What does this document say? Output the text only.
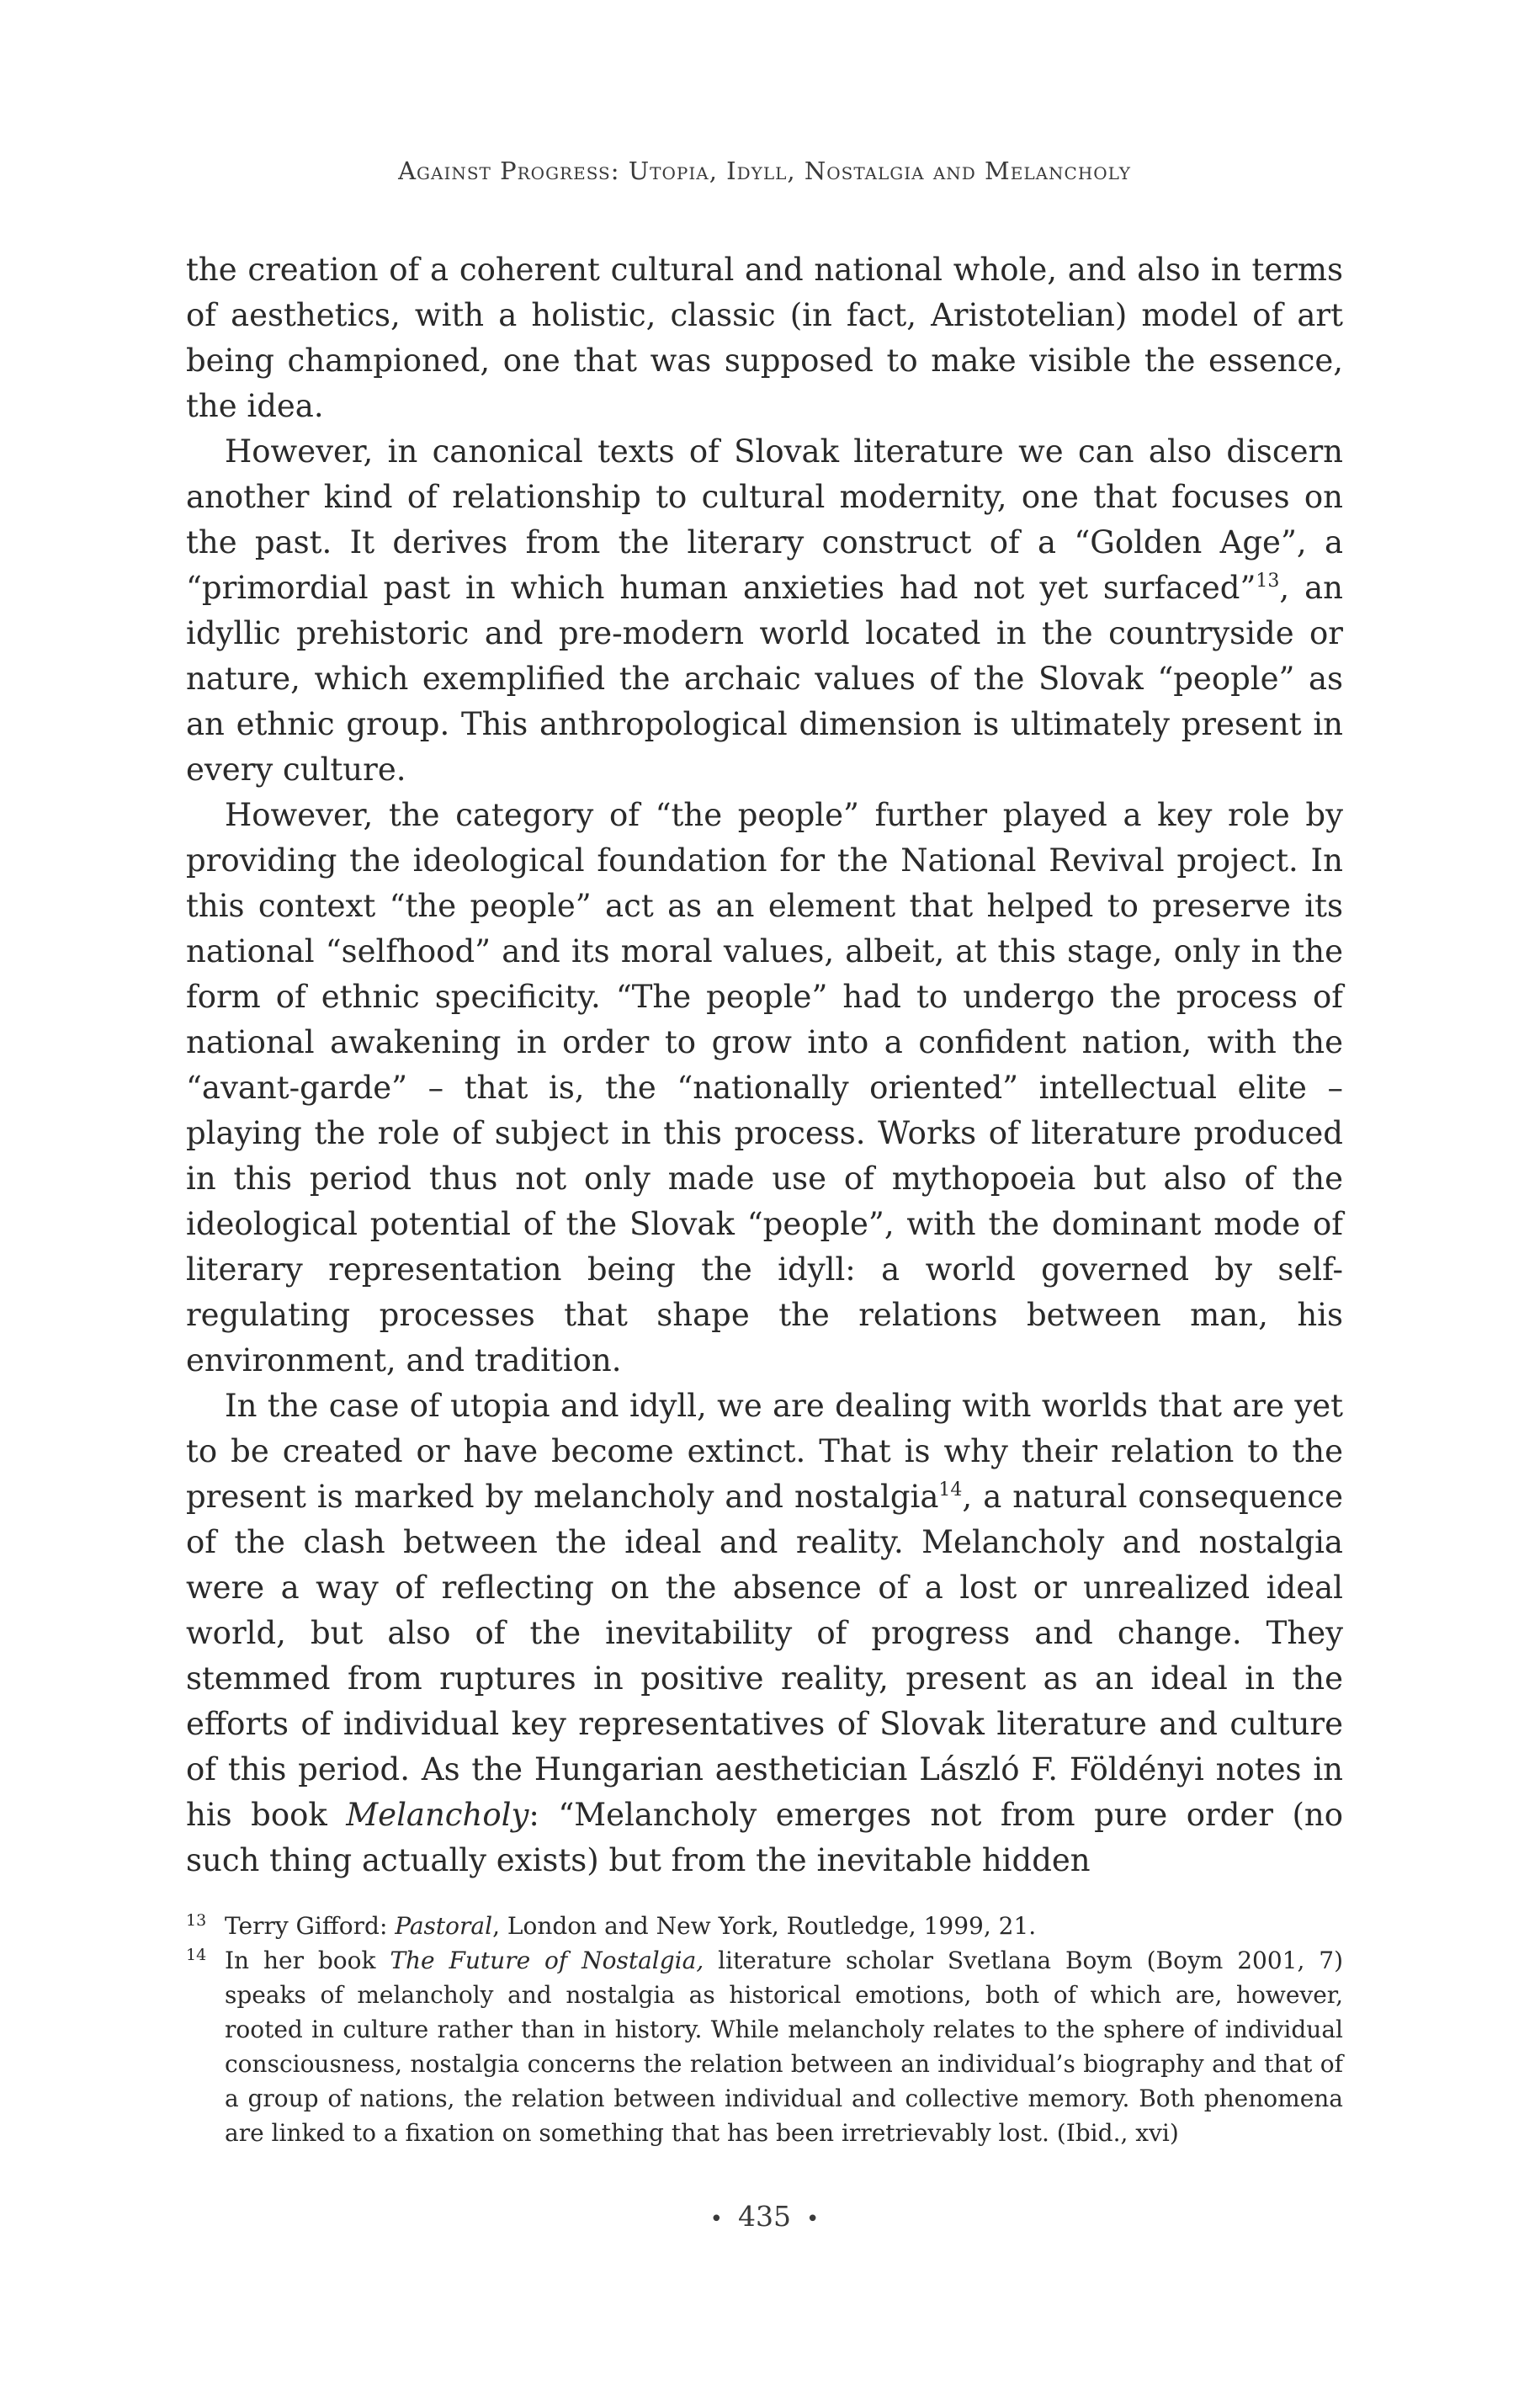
Against Progress: Utopia, Idyll, Nostalgia and Melancholy

the creation of a coherent cultural and national whole, and also in terms of aesthetics, with a holistic, classic (in fact, Aristotelian) model of art being championed, one that was supposed to make visible the essence, the idea.

However, in canonical texts of Slovak literature we can also discern another kind of relationship to cultural modernity, one that focuses on the past. It derives from the literary construct of a “Golden Age”, a “primordial past in which human anxieties had not yet surfaced”$^{13}$, an idyllic prehistoric and pre-modern world located in the countryside or nature, which exemplified the archaic values of the Slovak “people” as an ethnic group. This anthropological dimension is ultimately present in every culture.

However, the category of “the people” further played a key role by providing the ideological foundation for the National Revival project. In this context “the people” act as an element that helped to preserve its national “selfhood” and its moral values, albeit, at this stage, only in the form of ethnic specificity. “The people” had to undergo the process of national awakening in order to grow into a confident nation, with the “avant-garde” – that is, the “nationally oriented” intellectual elite – playing the role of subject in this process. Works of literature produced in this period thus not only made use of mythopoeia but also of the ideological potential of the Slovak “people”, with the dominant mode of literary representation being the idyll: a world governed by self-regulating processes that shape the relations between man, his environment, and tradition.

In the case of utopia and idyll, we are dealing with worlds that are yet to be created or have become extinct. That is why their relation to the present is marked by melancholy and nostalgia$^{14}$, a natural consequence of the clash between the ideal and reality. Melancholy and nostalgia were a way of reflecting on the absence of a lost or unrealized ideal world, but also of the inevitability of progress and change. They stemmed from ruptures in positive reality, present as an ideal in the efforts of individual key representatives of Slovak literature and culture of this period. As the Hungarian aesthetician László F. Földényi notes in his book Melancholy: “Melancholy emerges not from pure order (no such thing actually exists) but from the inevitable hidden

13 Terry Gifford: Pastoral, London and New York, Routledge, 1999, 21.
14 In her book The Future of Nostalgia, literature scholar Svetlana Boym (Boym 2001, 7) speaks of melancholy and nostalgia as historical emotions, both of which are, however, rooted in culture rather than in history. While melancholy relates to the sphere of individual consciousness, nostalgia concerns the relation between an individual’s biography and that of a group of nations, the relation between individual and collective memory. Both phenomena are linked to a fixation on something that has been irretrievably lost. (Ibid., xvi)
• 435 •
